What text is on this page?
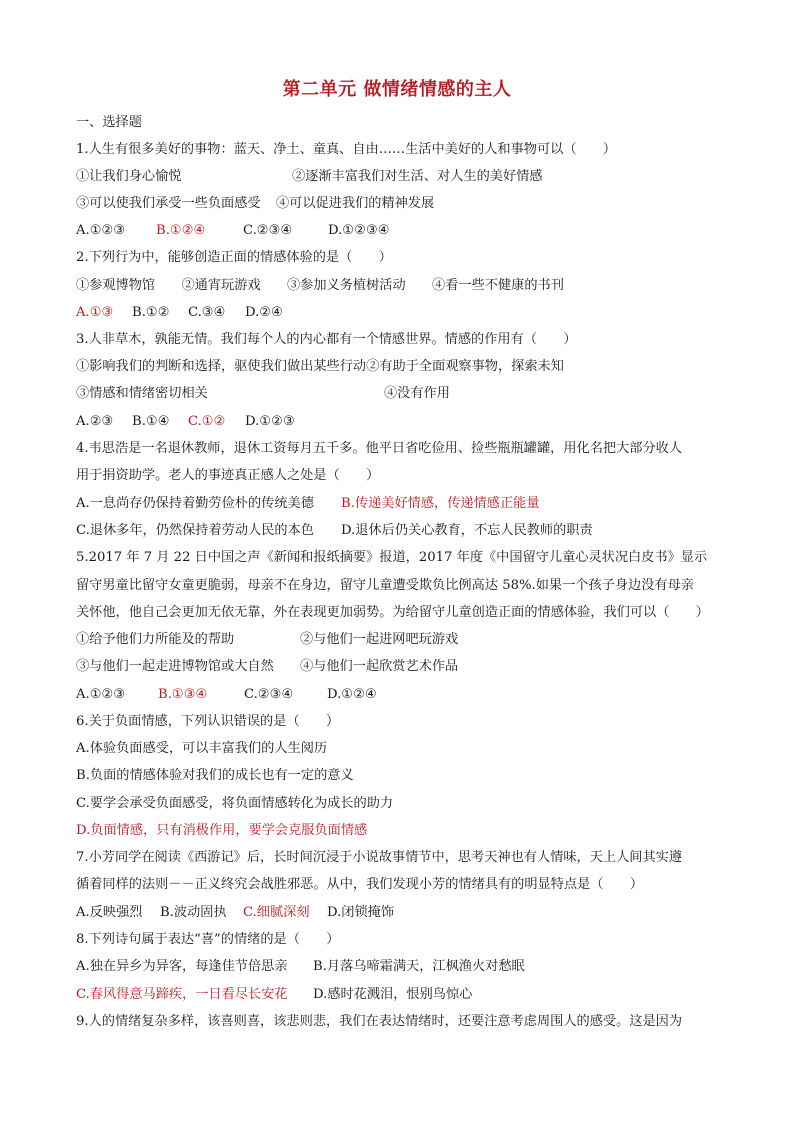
第二单元 做情绪情感的主人
一、选择题
1.人生有很多美好的事物：蓝天、净土、童真、自由……生活中美好的人和事物可以（　　）
①让我们身心愉悦	②逐渐丰富我们对生活、对人生的美好情感
③可以使我们承受一些负面感受 ④可以促进我们的精神发展
A.①②③ B.①②④	C.②③④	D.①②③④
2.下列行为中，能够创造正面的情感体验的是（　　）
①参观博物馆　　②通宵玩游戏　　③参加义务植树活动　　④看一些不健康的书刊
A.①③ B.①② C.③④ D.②④
3.人非草木，孰能无情。我们每个人的内心都有一个情感世界。情感的作用有（　　）
①影响我们的判断和选择，驱使我们做出某些行动②有助于全面观察事物，探索未知
③情感和情绪密切相关	④没有作用
A.②③ B.①④ C.①② D.①②③
4.韦思浩是一名退休教师，退休工资每月五千多。他平日省吃俭用、捡些瓶瓶罐罐，用化名把大部分收人
用于捐资助学。老人的事迹真正感人之处是（　　）
A.一息尚存仍保持着勤劳俭朴的传统美德 B.传递美好情感，传递情感正能量
C.退休多年，仍然保持着劳动人民的本色 D.退休后仍关心教育，不忘人民教师的职责
5.2017 年 7 月 22 日中国之声《新闻和报纸摘要》报道，2017 年度《中国留守儿童心灵状况白皮书》显示
留守男童比留守女童更脆弱，母亲不在身边，留守儿童遭受欺负比例高达 58%.如果一个孩子身边没有母亲
关怀他，他自己会更加无依无靠，外在表现更加弱势。为给留守儿童创造正面的情感体验，我们可以（　　）
①给予他们力所能及的帮助	②与他们一起进网吧玩游戏
③与他们一起走进博物馆或大自然 ④与他们一起欣赏艺术作品
A.①②③ B.①③④	C.②③④	D.①②④
6.关于负面情感，下列认识错误的是（　　）
A.体验负面感受，可以丰富我们的人生阅历
B.负面的情感体验对我们的成长也有一定的意义
C.要学会承受负面感受，将负面情感转化为成长的助力
D.负面情感，只有消极作用，要学会克服负面情感
7.小芳同学在阅读《西游记》后，长时间沉浸于小说故事情节中，思考天神也有人情味，天上人间其实遵
循着同样的法则－－正义终究会战胜邪恶。从中，我们发现小芳的情绪具有的明显特点是（　　）
A.反映强烈 B.波动固执 C.细腻深刻 D.闭锁掩饰
8.下列诗句属于表达“喜”的情绪的是（　　）
A.独在异乡为异客，每逢佳节倍思亲 B.月落乌啼霜满天，江枫渔火对愁眠
C.春风得意马蹄疾，一日看尽长安花 D.感时花溅泪，恨别鸟惊心
9.人的情绪复杂多样，该喜则喜，该悲则悲，我们在表达情绪时，还要注意考虑周围人的感受。这是因为
